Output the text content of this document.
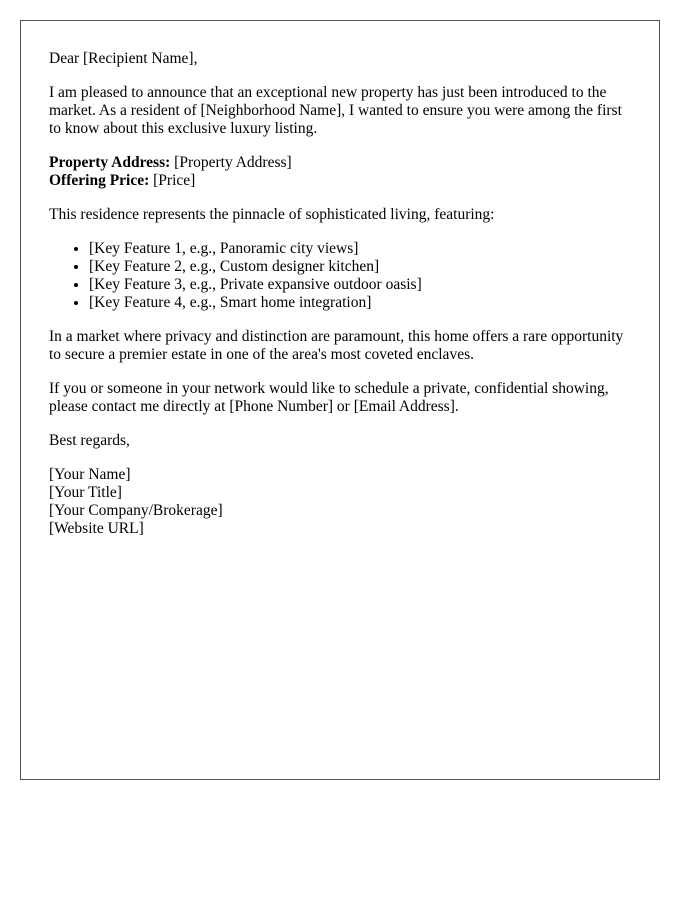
Dear [Recipient Name],

I am pleased to announce that an exceptional new property has just been introduced to the market. As a resident of [Neighborhood Name], I wanted to ensure you were among the first to know about this exclusive luxury listing.

Property Address: [Property Address]
Offering Price: [Price]

This residence represents the pinnacle of sophisticated living, featuring:

• [Key Feature 1, e.g., Panoramic city views]
• [Key Feature 2, e.g., Custom designer kitchen]
• [Key Feature 3, e.g., Private expansive outdoor oasis]
• [Key Feature 4, e.g., Smart home integration]

In a market where privacy and distinction are paramount, this home offers a rare opportunity to secure a premier estate in one of the area's most coveted enclaves.

If you or someone in your network would like to schedule a private, confidential showing, please contact me directly at [Phone Number] or [Email Address].

Best regards,

[Your Name]
[Your Title]
[Your Company/Brokerage]
[Website URL]
